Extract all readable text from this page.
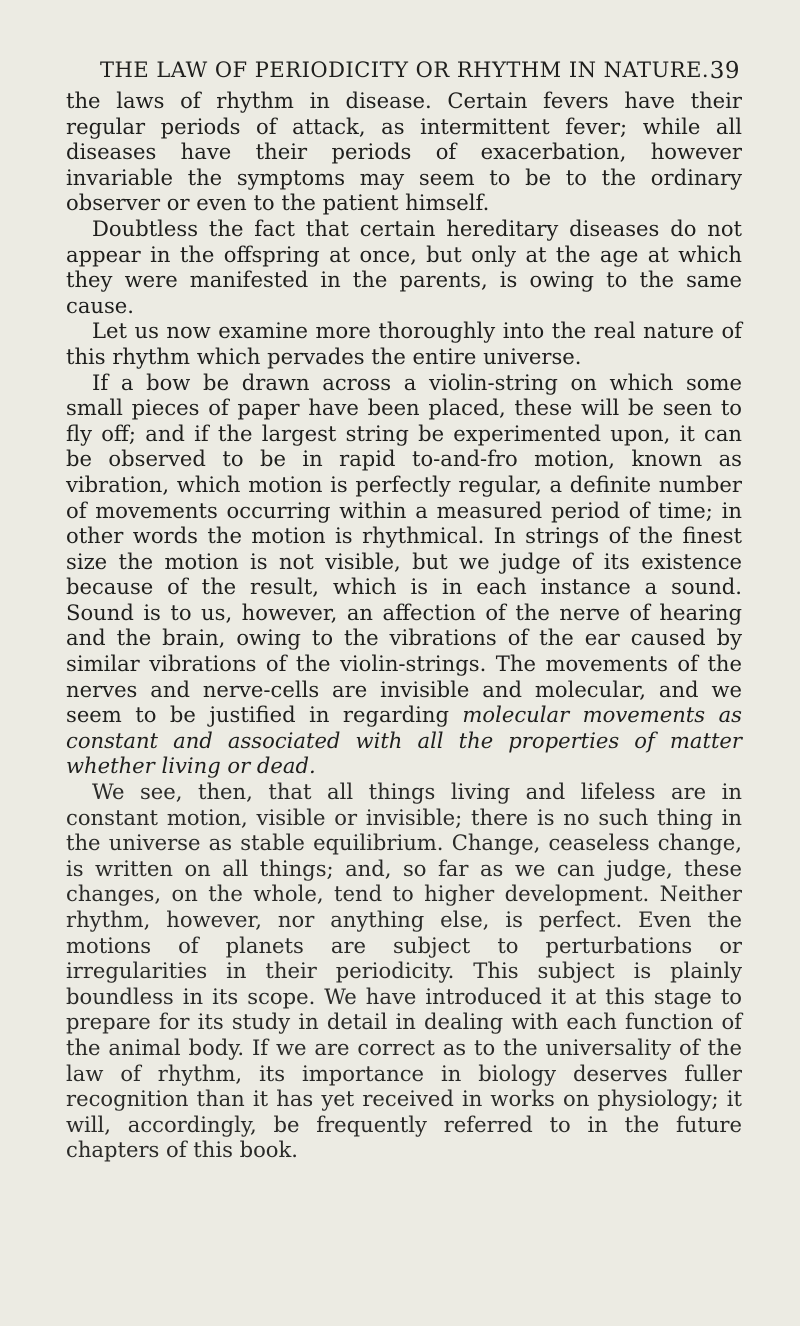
THE LAW OF PERIODICITY OR RHYTHM IN NATURE. 39

the laws of rhythm in disease. Certain fevers have their regular periods of attack, as intermittent fever; while all diseases have their periods of exacerbation, however invariable the symptoms may seem to be to the ordinary observer or even to the patient himself.

Doubtless the fact that certain hereditary diseases do not appear in the offspring at once, but only at the age at which they were manifested in the parents, is owing to the same cause.

Let us now examine more thoroughly into the real nature of this rhythm which pervades the entire universe.

If a bow be drawn across a violin-string on which some small pieces of paper have been placed, these will be seen to fly off; and if the largest string be experimented upon, it can be observed to be in rapid to-and-fro motion, known as vibration, which motion is perfectly regular, a definite number of movements occurring within a measured period of time; in other words the motion is rhythmical. In strings of the finest size the motion is not visible, but we judge of its existence because of the result, which is in each instance a sound. Sound is to us, however, an affection of the nerve of hearing and the brain, owing to the vibrations of the ear caused by similar vibrations of the violin-strings. The movements of the nerves and nerve-cells are invisible and molecular, and we seem to be justified in regarding molecular movements as constant and associated with all the properties of matter whether living or dead.

We see, then, that all things living and lifeless are in constant motion, visible or invisible; there is no such thing in the universe as stable equilibrium. Change, ceaseless change, is written on all things; and, so far as we can judge, these changes, on the whole, tend to higher development. Neither rhythm, however, nor anything else, is perfect. Even the motions of planets are subject to perturbations or irregularities in their periodicity. This subject is plainly boundless in its scope. We have introduced it at this stage to prepare for its study in detail in dealing with each function of the animal body. If we are correct as to the universality of the law of rhythm, its importance in biology deserves fuller recognition than it has yet received in works on physiology; it will, accordingly, be frequently referred to in the future chapters of this book.
